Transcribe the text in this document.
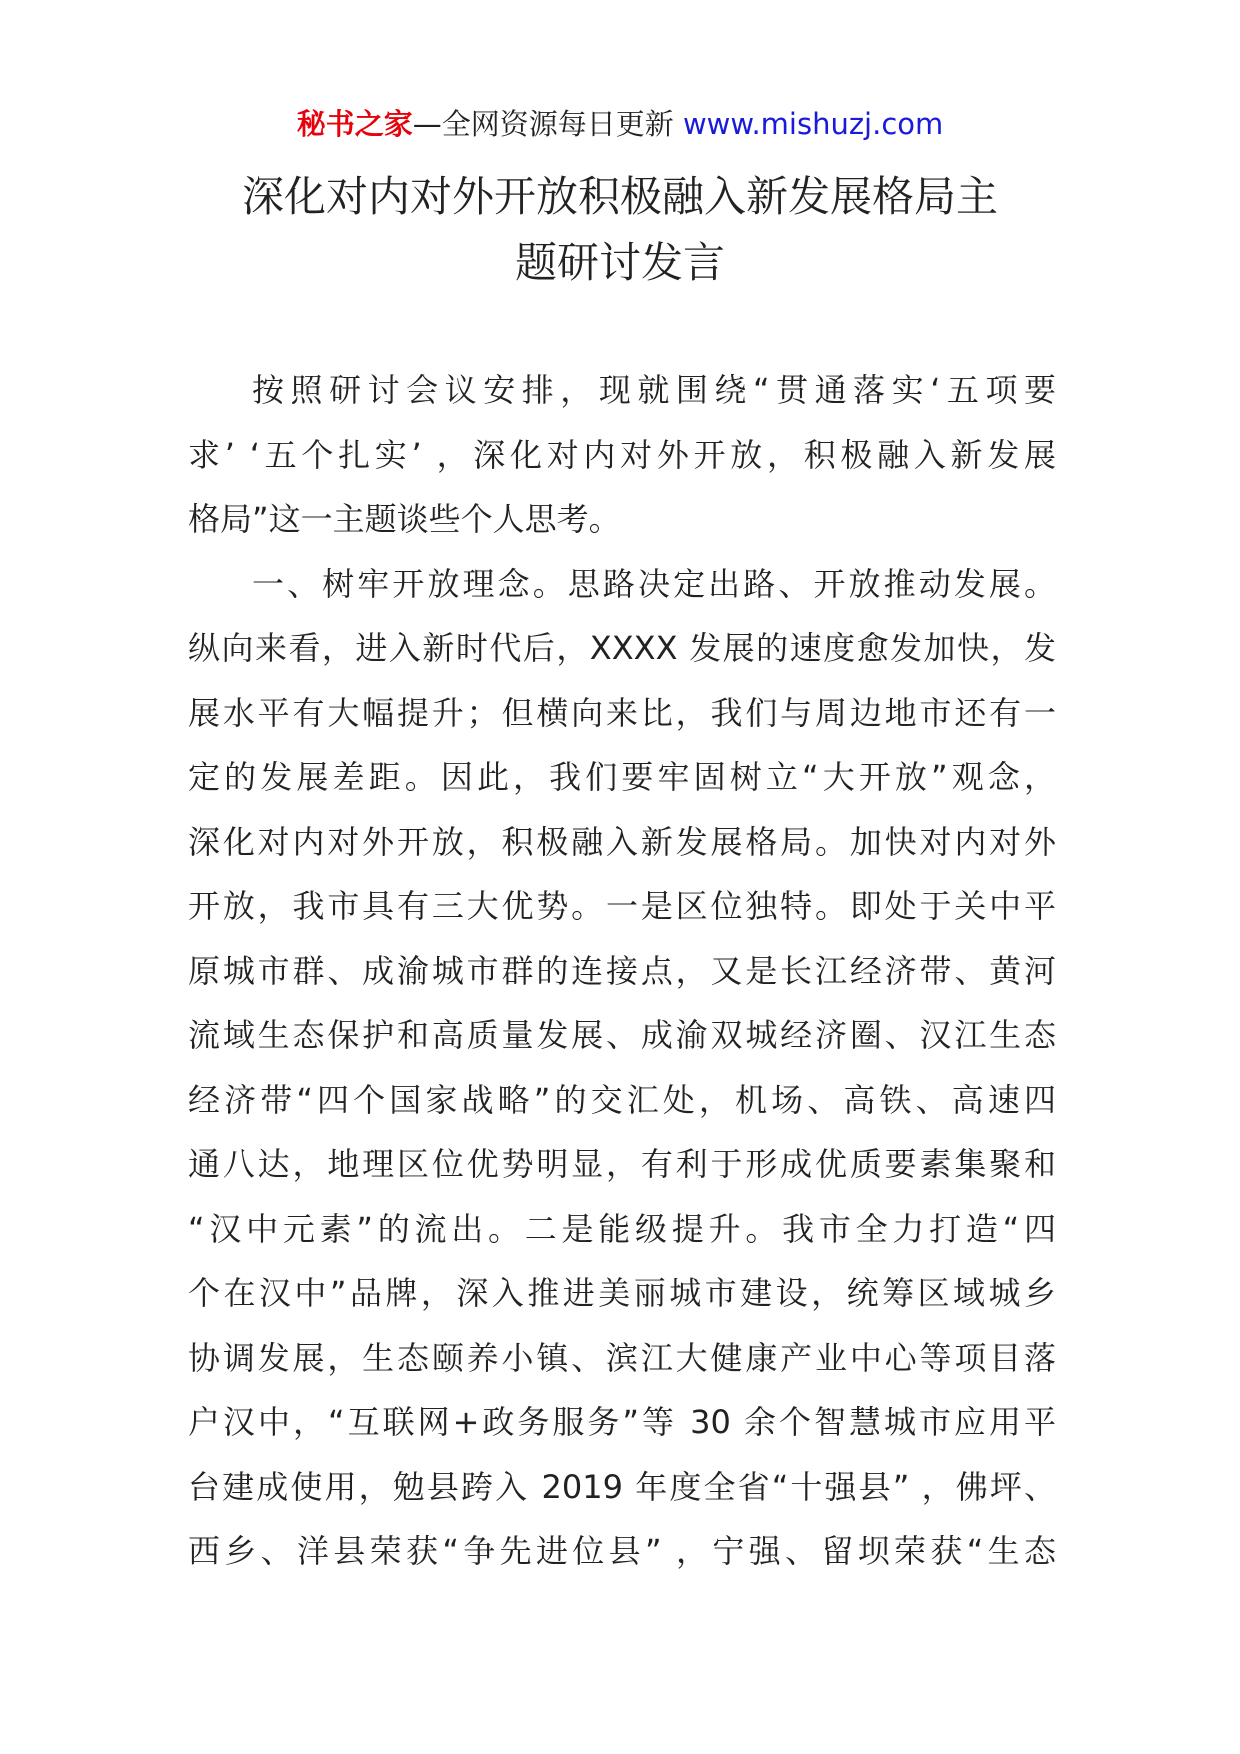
秘书之家—全网资源每日更新 www.mishuzj.com
深化对内对外开放积极融入新发展格局主
题研讨发言
按照研讨会议安排，现就围绕“贯通落实‘五项要
求’ ‘五个扎实’ ，深化对内对外开放，积极融入新发展
格局”这一主题谈些个人思考。
一、树牢开放理念。思路决定出路、开放推动发展。
纵向来看，进入新时代后，XXXX 发展的速度愈发加快，发
展水平有大幅提升；但横向来比，我们与周边地市还有一
定的发展差距。因此，我们要牢固树立“大开放”观念，
深化对内对外开放，积极融入新发展格局。加快对内对外
开放，我市具有三大优势。一是区位独特。即处于关中平
原城市群、成渝城市群的连接点，又是长江经济带、黄河
流域生态保护和高质量发展、成渝双城经济圈、汉江生态
经济带“四个国家战略”的交汇处，机场、高铁、高速四
通八达，地理区位优势明显，有利于形成优质要素集聚和
“汉中元素”的流出。二是能级提升。我市全力打造“四
个在汉中”品牌，深入推进美丽城市建设，统筹区域城乡
协调发展，生态颐养小镇、滨江大健康产业中心等项目落
户汉中，“互联网+政务服务”等 30 余个智慧城市应用平
台建成使用，勉县跨入 2019 年度全省“十强县” ，佛坪、
西乡、洋县荣获“争先进位县” ，宁强、留坝荣获“生态
